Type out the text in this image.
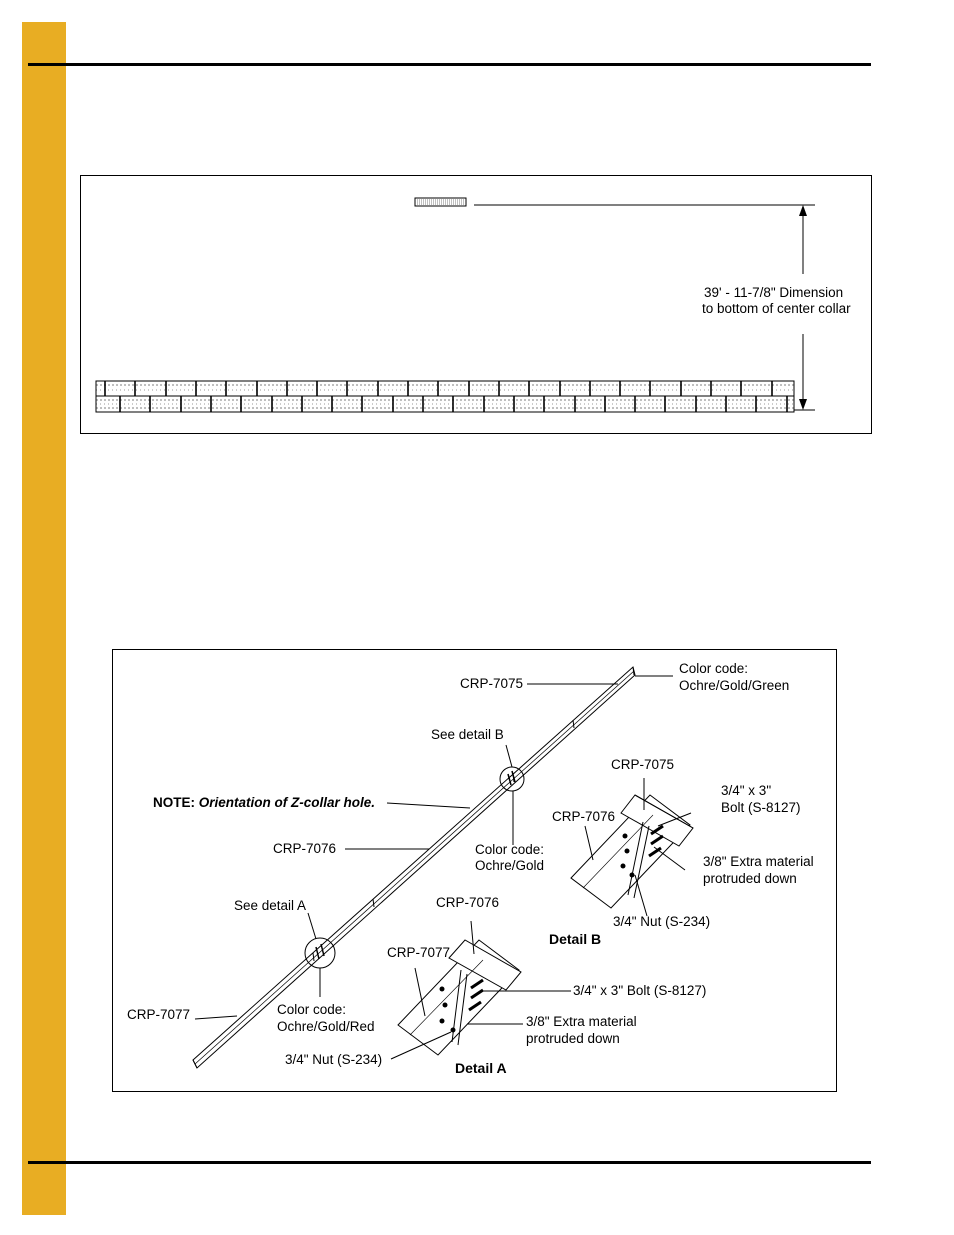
39' - 11-7/8" Dimension
to bottom of center collar
CRP-7075
Color code:
Ochre/Gold/Green
See detail B
NOTE: Orientation of Z-collar hole.
CRP-7076	Color code:
Ochre/Gold
See detail A
CRP-7077	Color code:
Ochre/Gold/Red
CRP-7075
CRP-7076
3/4" x 3"
Bolt (S-8127)
3/8" Extra material
protruded down
3/4" Nut (S-234)
Detail B
CRP-7076
CRP-7077
3/4" x 3" Bolt (S-8127)
3/8" Extra material
protruded down
3/4" Nut (S-234)
Detail A
